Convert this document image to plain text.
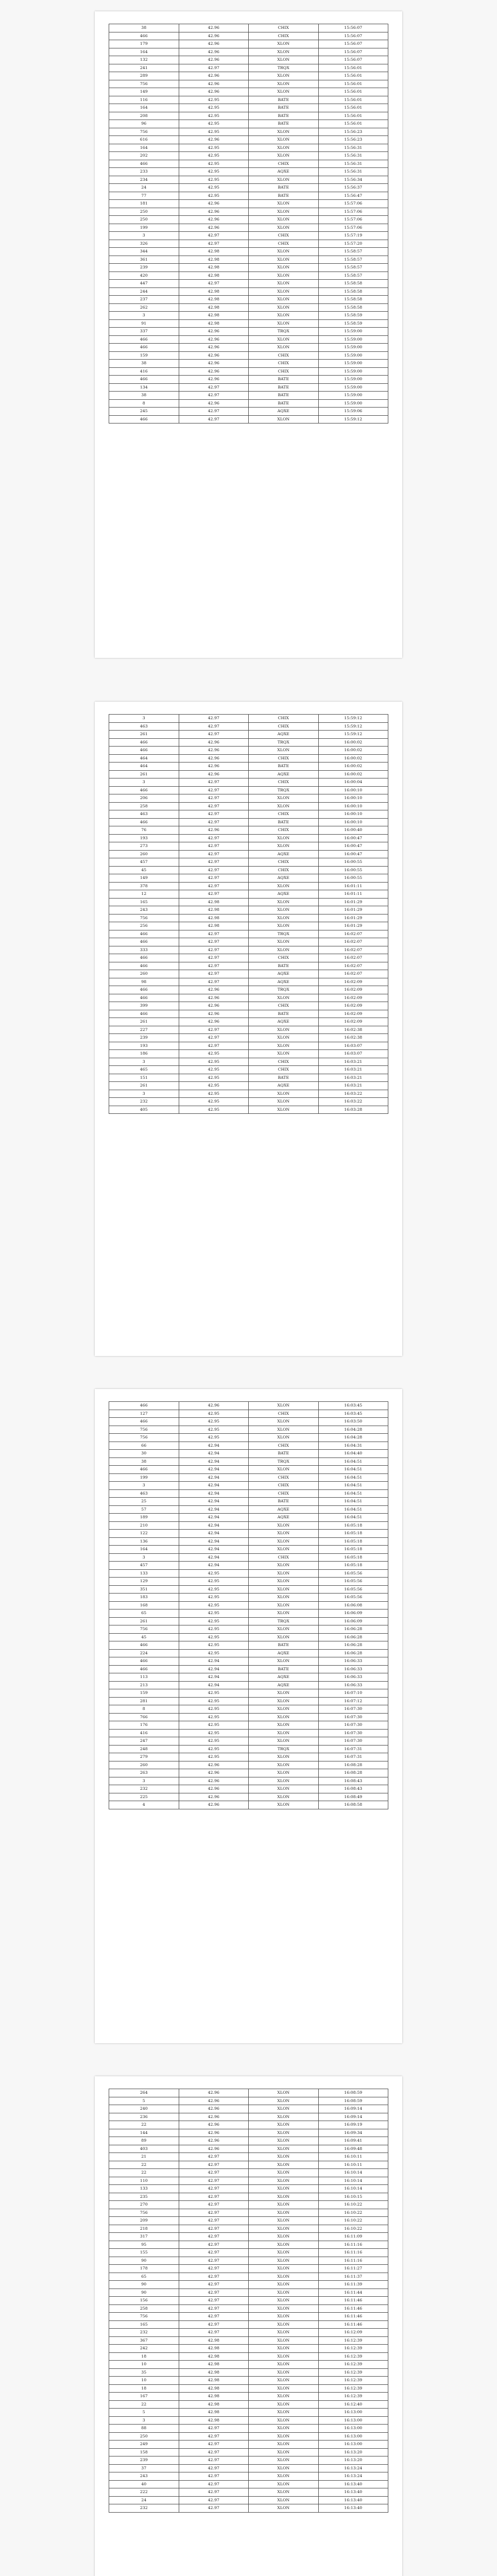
38	42.96	CHIX	15:56:07
466	42.96	CHIX	15:56:07
179	42.96	XLON	15:56:07
164	42.96	XLON	15:56:07
132	42.96	XLON	15:56:07
241	42.97	TRQX	15:56:01
289	42.96	XLON	15:56:01
756	42.96	XLON	15:56:01
149	42.96	XLON	15:56:01
116	42.95	BATE	15:56:01
164	42.95	BATE	15:56:01
208	42.95	BATE	15:56:01
96	42.95	BATE	15:56:01
756	42.95	XLON	15:56:23
616	42.96	XLON	15:56:23
164	42.95	XLON	15:56:31
202	42.95	XLON	15:56:31
466	42.95	CHIX	15:56:31
233	42.95	AQXE	15:56:31
234	42.95	XLON	15:56:34
24	42.95	BATE	15:56:37
77	42.95	BATE	15:56:47
181	42.96	XLON	15:57:06
250	42.96	XLON	15:57:06
250	42.96	XLON	15:57:06
199	42.96	XLON	15:57:06
3	42.97	CHIX	15:57:19
326	42.97	CHIX	15:57:20
344	42.98	XLON	15:58:57
361	42.98	XLON	15:58:57
239	42.98	XLON	15:58:57
420	42.98	XLON	15:58:57
447	42.97	XLON	15:58:58
244	42.98	XLON	15:58:58
237	42.98	XLON	15:58:58
262	42.98	XLON	15:58:58
3	42.98	XLON	15:58:59
91	42.98	XLON	15:58:59
337	42.96	TRQX	15:59:00
466	42.96	XLON	15:59:00
466	42.96	XLON	15:59:00
159	42.96	CHIX	15:59:00
38	42.96	CHIX	15:59:00
416	42.96	CHIX	15:59:00
466	42.96	BATE	15:59:00
134	42.97	BATE	15:59:00
38	42.97	BATE	15:59:00
8	42.96	BATE	15:59:00
245	42.97	AQXE	15:59:06
466	42.97	XLON	15:59:12
3	42.97	CHIX	15:59:12
463	42.97	CHIX	15:59:12
261	42.97	AQXE	15:59:12
466	42.96	TRQX	16:00:02
466	42.96	XLON	16:00:02
464	42.96	CHIX	16:00:02
464	42.96	BATE	16:00:02
261	42.96	AQXE	16:00:02
3	42.97	CHIX	16:00:04
466	42.97	TRQX	16:00:10
206	42.97	XLON	16:00:10
258	42.97	XLON	16:00:10
463	42.97	CHIX	16:00:10
466	42.97	BATE	16:00:10
76	42.96	CHIX	16:00:40
193	42.97	XLON	16:00:47
273	42.97	XLON	16:00:47
260	42.97	AQXE	16:00:47
457	42.97	CHIX	16:00:55
45	42.97	CHIX	16:00:55
149	42.97	AQXE	16:00:55
378	42.97	XLON	16:01:11
12	42.97	AQXE	16:01:11
165	42.98	XLON	16:01:29
243	42.98	XLON	16:01:29
756	42.98	XLON	16:01:29
256	42.98	XLON	16:01:29
466	42.97	TRQX	16:02:07
466	42.97	XLON	16:02:07
333	42.97	XLON	16:02:07
466	42.97	CHIX	16:02:07
466	42.97	BATE	16:02:07
260	42.97	AQXE	16:02:07
98	42.97	AQXE	16:02:09
466	42.96	TRQX	16:02:09
466	42.96	XLON	16:02:09
399	42.96	CHIX	16:02:09
466	42.96	BATE	16:02:09
261	42.96	AQXE	16:02:09
227	42.97	XLON	16:02:38
239	42.97	XLON	16:02:38
193	42.97	XLON	16:03:07
186	42.95	XLON	16:03:07
3	42.95	CHIX	16:03:21
465	42.95	CHIX	16:03:21
151	42.95	BATE	16:03:21
261	42.95	AQXE	16:03:21
3	42.95	XLON	16:03:22
232	42.95	XLON	16:03:22
405	42.95	XLON	16:03:28
466	42.96	XLON	16:03:45
127	42.95	CHIX	16:03:45
466	42.95	XLON	16:03:50
756	42.95	XLON	16:04:28
756	42.95	XLON	16:04:28
66	42.94	CHIX	16:04:31
30	42.94	BATE	16:04:40
38	42.94	TRQX	16:04:51
466	42.94	XLON	16:04:51
199	42.94	CHIX	16:04:51
3	42.94	CHIX	16:04:51
463	42.94	CHIX	16:04:51
25	42.94	BATE	16:04:51
57	42.94	AQXE	16:04:51
189	42.94	AQXE	16:04:51
210	42.94	XLON	16:05:18
122	42.94	XLON	16:05:18
136	42.94	XLON	16:05:18
164	42.94	XLON	16:05:18
3	42.94	CHIX	16:05:18
457	42.94	XLON	16:05:18
133	42.95	XLON	16:05:56
129	42.95	XLON	16:05:56
351	42.95	XLON	16:05:56
183	42.95	XLON	16:05:56
168	42.95	XLON	16:06:08
65	42.95	XLON	16:06:09
261	42.95	TRQX	16:06:09
756	42.95	XLON	16:06:28
45	42.95	XLON	16:06:28
466	42.95	BATE	16:06:28
224	42.95	AQXE	16:06:28
466	42.94	XLON	16:06:33
466	42.94	BATE	16:06:33
113	42.94	AQXE	16:06:33
213	42.94	AQXE	16:06:33
159	42.95	XLON	16:07:10
281	42.95	XLON	16:07:12
8	42.95	XLON	16:07:30
766	42.95	XLON	16:07:30
176	42.95	XLON	16:07:30
416	42.95	XLON	16:07:30
247	42.95	XLON	16:07:30
248	42.95	TRQX	16:07:31
279	42.95	XLON	16:07:31
260	42.96	XLON	16:08:28
263	42.96	XLON	16:08:28
3	42.96	XLON	16:08:43
232	42.96	XLON	16:08:43
225	42.96	XLON	16:08:49
4	42.96	XLON	16:08:58
264	42.96	XLON	16:08:59
5	42.96	XLON	16:08:59
240	42.96	XLON	16:09:14
236	42.96	XLON	16:09:14
22	42.96	XLON	16:09:19
144	42.96	XLON	16:09:34
89	42.96	XLON	16:09:41
403	42.96	XLON	16:09:48
21	42.97	XLON	16:10:11
22	42.97	XLON	16:10:11
22	42.97	XLON	16:10:14
110	42.97	XLON	16:10:14
133	42.97	XLON	16:10:14
235	42.97	XLON	16:10:15
270	42.97	XLON	16:10:22
756	42.97	XLON	16:10:22
209	42.97	XLON	16:10:22
218	42.97	XLON	16:10:22
317	42.97	XLON	16:11:09
95	42.97	XLON	16:11:16
155	42.97	XLON	16:11:16
90	42.97	XLON	16:11:16
178	42.97	XLON	16:11:27
65	42.97	XLON	16:11:37
90	42.97	XLON	16:11:39
90	42.97	XLON	16:11:44
156	42.97	XLON	16:11:46
258	42.97	XLON	16:11:46
756	42.97	XLON	16:11:46
165	42.97	XLON	16:11:46
232	42.97	XLON	16:12:09
367	42.98	XLON	16:12:39
242	42.98	XLON	16:12:39
18	42.98	XLON	16:12:39
10	42.98	XLON	16:12:39
35	42.98	XLON	16:12:39
10	42.98	XLON	16:12:39
18	42.98	XLON	16:12:39
167	42.98	XLON	16:12:39
22	42.98	XLON	16:12:40
5	42.98	XLON	16:13:00
3	42.98	XLON	16:13:00
88	42.97	XLON	16:13:00
250	42.97	XLON	16:13:00
249	42.97	XLON	16:13:00
158	42.97	XLON	16:13:20
239	42.97	XLON	16:13:20
37	42.97	XLON	16:13:24
243	42.97	XLON	16:13:24
40	42.97	XLON	16:13:40
222	42.97	XLON	16:13:40
24	42.97	XLON	16:13:40
232	42.97	XLON	16:13:40
